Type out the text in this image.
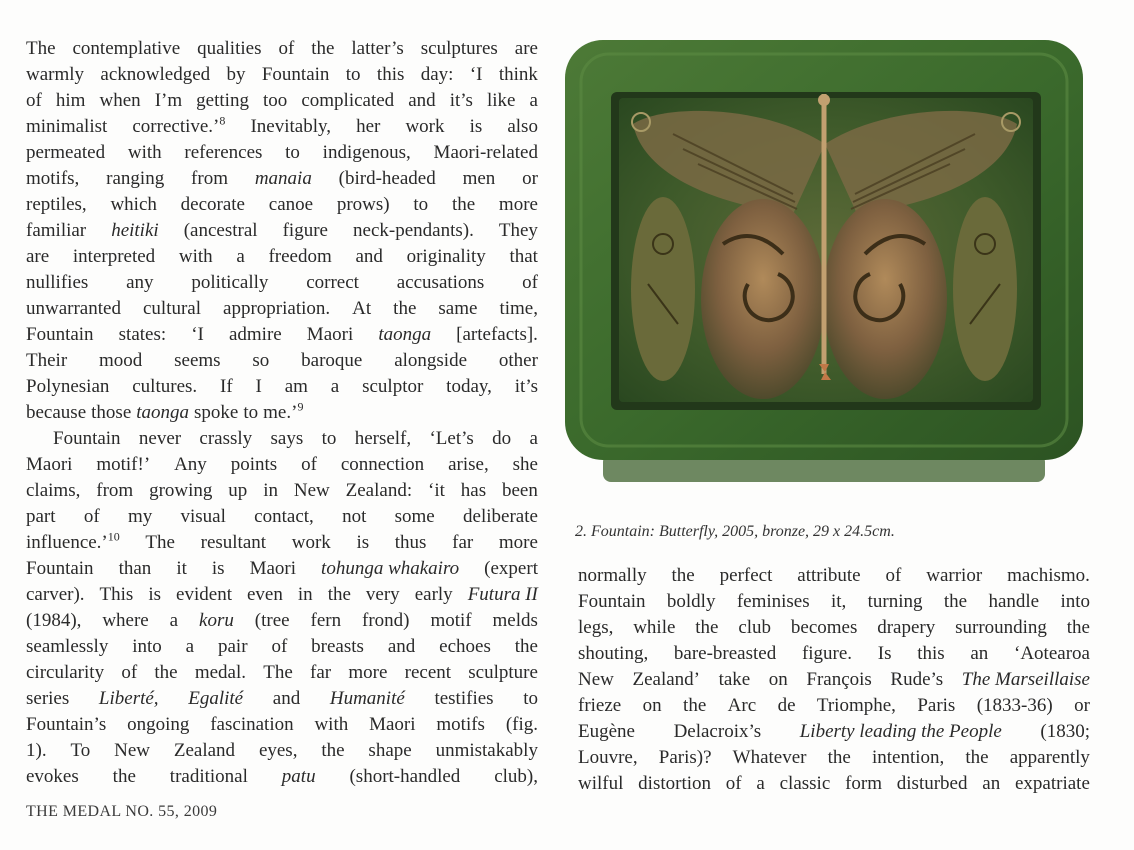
The contemplative qualities of the latter’s sculptures are
warmly acknowledged by Fountain to this day: ‘I think
of him when I’m getting too complicated and it’s like a
minimalist corrective.’$^8$ Inevitably, her work is also
permeated with references to indigenous, Maori-related
motifs, ranging from manaia (bird-headed men or
reptiles, which decorate canoe prows) to the more
familiar heitiki (ancestral figure neck-pendants). They
are interpreted with a freedom and originality that
nullifies any politically correct accusations of
unwarranted cultural appropriation. At the same time,
Fountain states: ‘I admire Maori taonga [artefacts].
Their mood seems so baroque alongside other
Polynesian cultures. If I am a sculptor today, it’s
because those taonga spoke to me.’$^9$
Fountain never crassly says to herself, ‘Let’s do a
Maori motif!’ Any points of connection arise, she
claims, from growing up in New Zealand: ‘it has been
part of my visual contact, not some deliberate
influence.’$^{10}$ The resultant work is thus far more
Fountain than it is Maori tohunga whakairo (expert
carver). This is evident even in the very early Futura II
(1984), where a koru (tree fern frond) motif melds
seamlessly into a pair of breasts and echoes the
circularity of the medal. The far more recent sculpture
series Liberté, Egalité and Humanité testifies to
Fountain’s ongoing fascination with Maori motifs (fig.
1). To New Zealand eyes, the shape unmistakably
evokes the traditional patu (short-handled club),
THE MEDAL NO. 55, 2009
2. Fountain: Butterfly, 2005, bronze, 29 x 24.5cm.
normally the perfect attribute of warrior machismo.
Fountain boldly feminises it, turning the handle into
legs, while the club becomes drapery surrounding the
shouting, bare-breasted figure. Is this an ‘Aotearoa
New Zealand’ take on François Rude’s The Marseillaise
frieze on the Arc de Triomphe, Paris (1833-36) or
Eugène Delacroix’s Liberty leading the People (1830;
Louvre, Paris)? Whatever the intention, the apparently
wilful distortion of a classic form disturbed an expatriate
